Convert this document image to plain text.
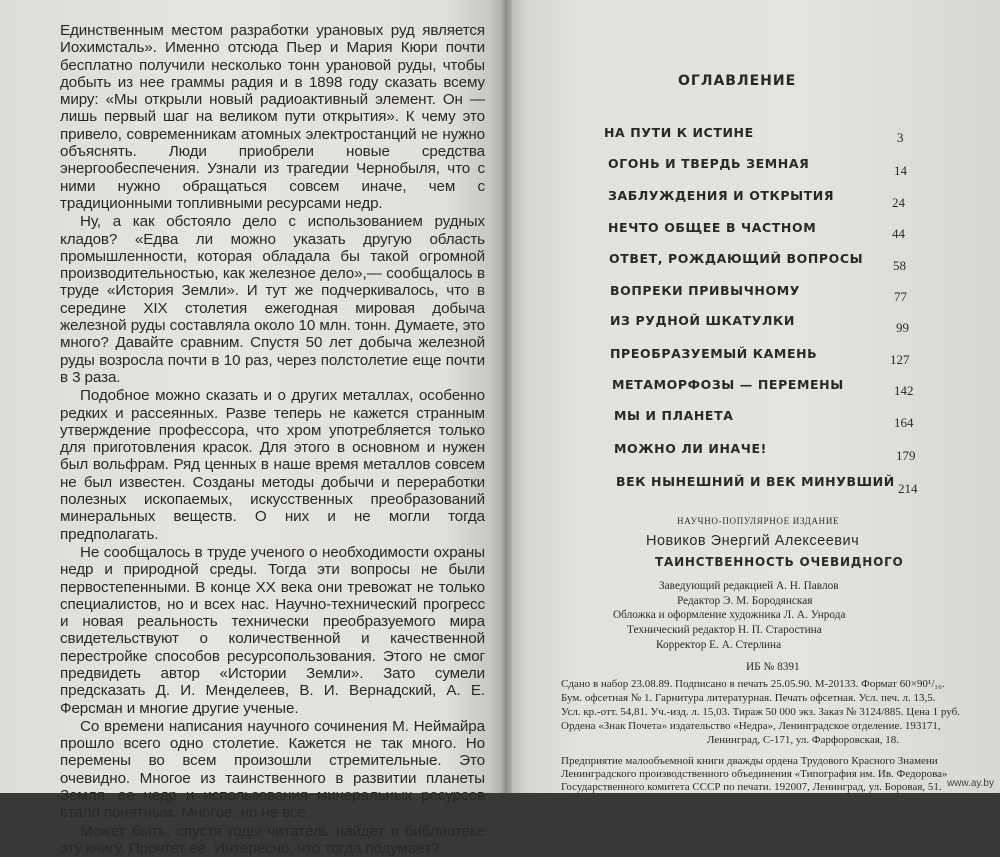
Единственным местом разработки урановых руд является Иохимсталь». Именно отсюда Пьер и Мария Кюри почти бесплатно получили несколько тонн урановой руды, чтобы добыть из нее граммы радия и в 1898 году сказать всему миру: «Мы открыли новый радиоактивный элемент. Он — лишь первый шаг на великом пути открытия». К чему это привело, современникам атомных электростанций не нужно объяснять. Люди приобрели новые средства энергообеспечения. Узнали из трагедии Чернобыля, что с ними нужно обращаться совсем иначе, чем с традиционными топливными ресурсами недр.

Ну, а как обстояло дело с использованием рудных кладов? «Едва ли можно указать другую область промышленности, которая обладала бы такой огромной производительностью, как железное дело»,— сообщалось в труде «История Земли». И тут же подчеркивалось, что в середине XIX столетия ежегодная мировая добыча железной руды составляла около 10 млн. тонн. Думаете, это много? Давайте сравним. Спустя 50 лет добыча железной руды возросла почти в 10 раз, через полстолетие еще почти в 3 раза.

Подобное можно сказать и о других металлах, особенно редких и рассеянных. Разве теперь не кажется странным утверждение профессора, что хром употребляется только для приготовления красок. Для этого в основном и нужен был вольфрам. Ряд ценных в наше время металлов совсем не был известен. Созданы методы добычи и переработки полезных ископаемых, искусственных преобразований минеральных веществ. О них и не могли тогда предполагать.

Не сообщалось в труде ученого о необходимости охраны недр и природной среды. Тогда эти вопросы не были первостепенными. В конце XX века они тревожат не только специалистов, но и всех нас. Научно-технический прогресс и новая реальность технически преобразуемого мира свидетельствуют о количественной и качественной перестройке способов ресурсопользования. Этого не смог предвидеть автор «Истории Земли». Зато сумели предсказать Д. И. Менделеев, В. И. Вернадский, А. Е. Ферсман и многие другие ученые.

Со времени написания научного сочинения М. Неймайра прошло всего одно столетие. Кажется не так много. Но перемены во всем произошли стремительные. Это очевидно. Многое из таинственного в развитии планеты Земля, ее недр и использования минеральных ресурсов стало понятным. Многое, но не все...

Может быть, спустя годы читатель найдет в библиотеке эту книгу. Прочтет ее. Интересно, что тогда подумает?

ОГЛАВЛЕНИЕ
НА ПУТИ К ИСТИНЕ	3
ОГОНЬ И ТВЕРДЬ ЗЕМНАЯ	14
ЗАБЛУЖДЕНИЯ И ОТКРЫТИЯ	24
НЕЧТО ОБЩЕЕ В ЧАСТНОМ	44
ОТВЕТ, РОЖДАЮЩИЙ ВОПРОСЫ 58
ВОПРЕКИ ПРИВЫЧНОМУ	77
ИЗ РУДНОЙ ШКАТУЛКИ	99
ПРЕОБРАЗУЕМЫЙ КАМЕНЬ	127
МЕТАМОРФОЗЫ — ПЕРЕМЕНЫ	142
МЫ И ПЛАНЕТА	164
МОЖНО ЛИ ИНАЧЕ!	179
ВЕК НЫНЕШНИЙ И ВЕК МИНУВШИЙ 214
НАУЧНО-ПОПУЛЯРНОЕ ИЗДАНИЕ
Новиков Энергий Алексеевич
ТАИНСТВЕННОСТЬ ОЧЕВИДНОГО
Заведующий редакцией А. Н. Павлов
Редактор Э. М. Бородянская
Обложка и оформление художника Л. А. Унрода
Технический редактор Н. П. Старостина
Корректор Е. А. Стерлина
ИБ № 8391
Сдано в набор 23.08.89. Подписано в печать 25.05.90. М-20133. Формат 60×90¹/₁₆.
Бум. офсетная № 1. Гарнитура литературная. Печать офсетная. Усл. печ. л. 13,5.
Усл. кр.-отт. 54,81. Уч.-изд. л. 15,03. Тираж 50 000 экз. Заказ № 3124/885. Цена 1 руб.
Ордена «Знак Почета» издательство «Недра», Ленинградское отделение. 193171,
Ленинград, С-171, ул. Фарфоровская, 18.
Предприятие малообъемной книги дважды ордена Трудового Красного Знамени
Ленинградского производственного объединения «Типография им. Ив. Федорова»
Государственного комитета СССР по печати. 192007, Ленинград, ул. Боровая, 51. www.ay.by
